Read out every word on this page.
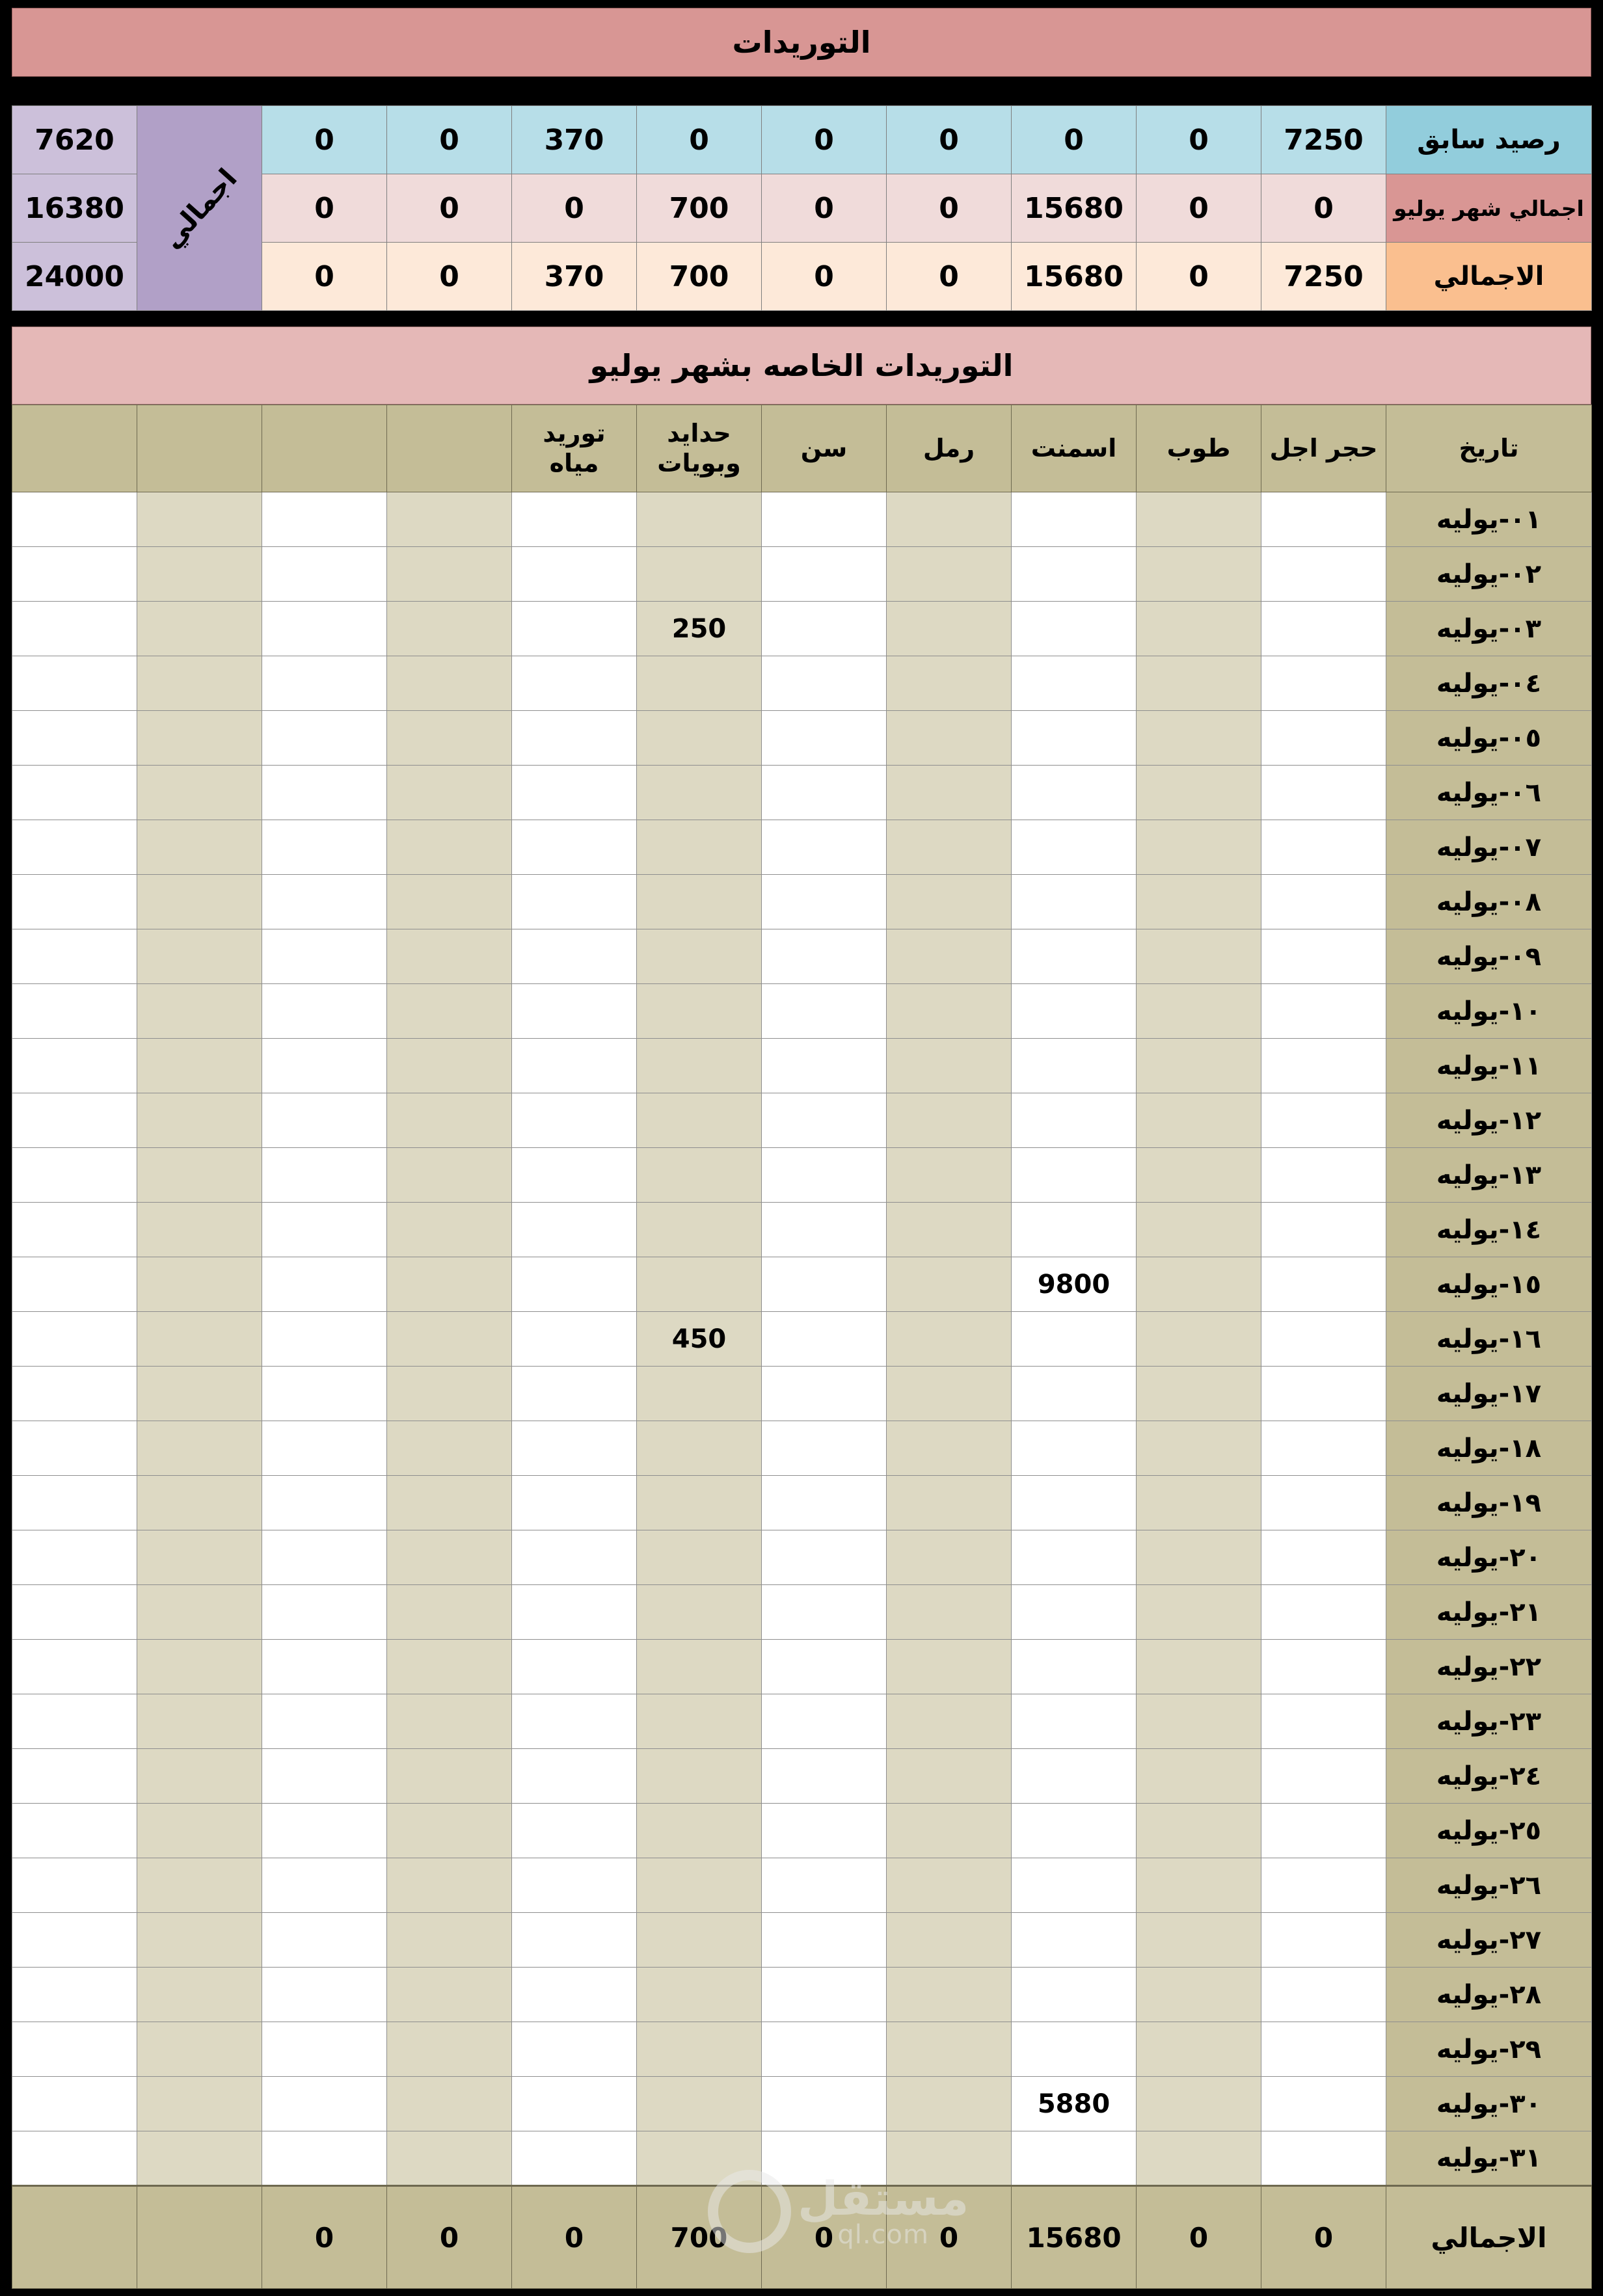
التوريدات
7620	اجمالي	0	0	370	0	0	0	0	0	7250	رصيد سابق
16380		0	0	0	700	0	0	15680	0	0	اجمالي شهر يوليو
24000		0	0	370	700	0	0	15680	0	7250	الاجمالي
التوريدات الخاصه بشهر يوليو
				توريد مياه	حدايد وبويات	سن	رمل	اسمنت	طوب	حجر اجل	تاريخ
											٠١-يوليه
											٠٢-يوليه
					250						٠٣-يوليه
											٠٤-يوليه
											٠٥-يوليه
											٠٦-يوليه
											٠٧-يوليه
											٠٨-يوليه
											٠٩-يوليه
											١٠-يوليه
											١١-يوليه
											١٢-يوليه
											١٣-يوليه
											١٤-يوليه
								9800			١٥-يوليه
					450						١٦-يوليه
											١٧-يوليه
											١٨-يوليه
											١٩-يوليه
											٢٠-يوليه
											٢١-يوليه
											٢٢-يوليه
											٢٣-يوليه
											٢٤-يوليه
											٢٥-يوليه
											٢٦-يوليه
											٢٧-يوليه
											٢٨-يوليه
											٢٩-يوليه
								5880			٣٠-يوليه
											٣١-يوليه
		0	0	0	700	0	0	15680	0	0	الاجمالي
مستقل
ql.com
